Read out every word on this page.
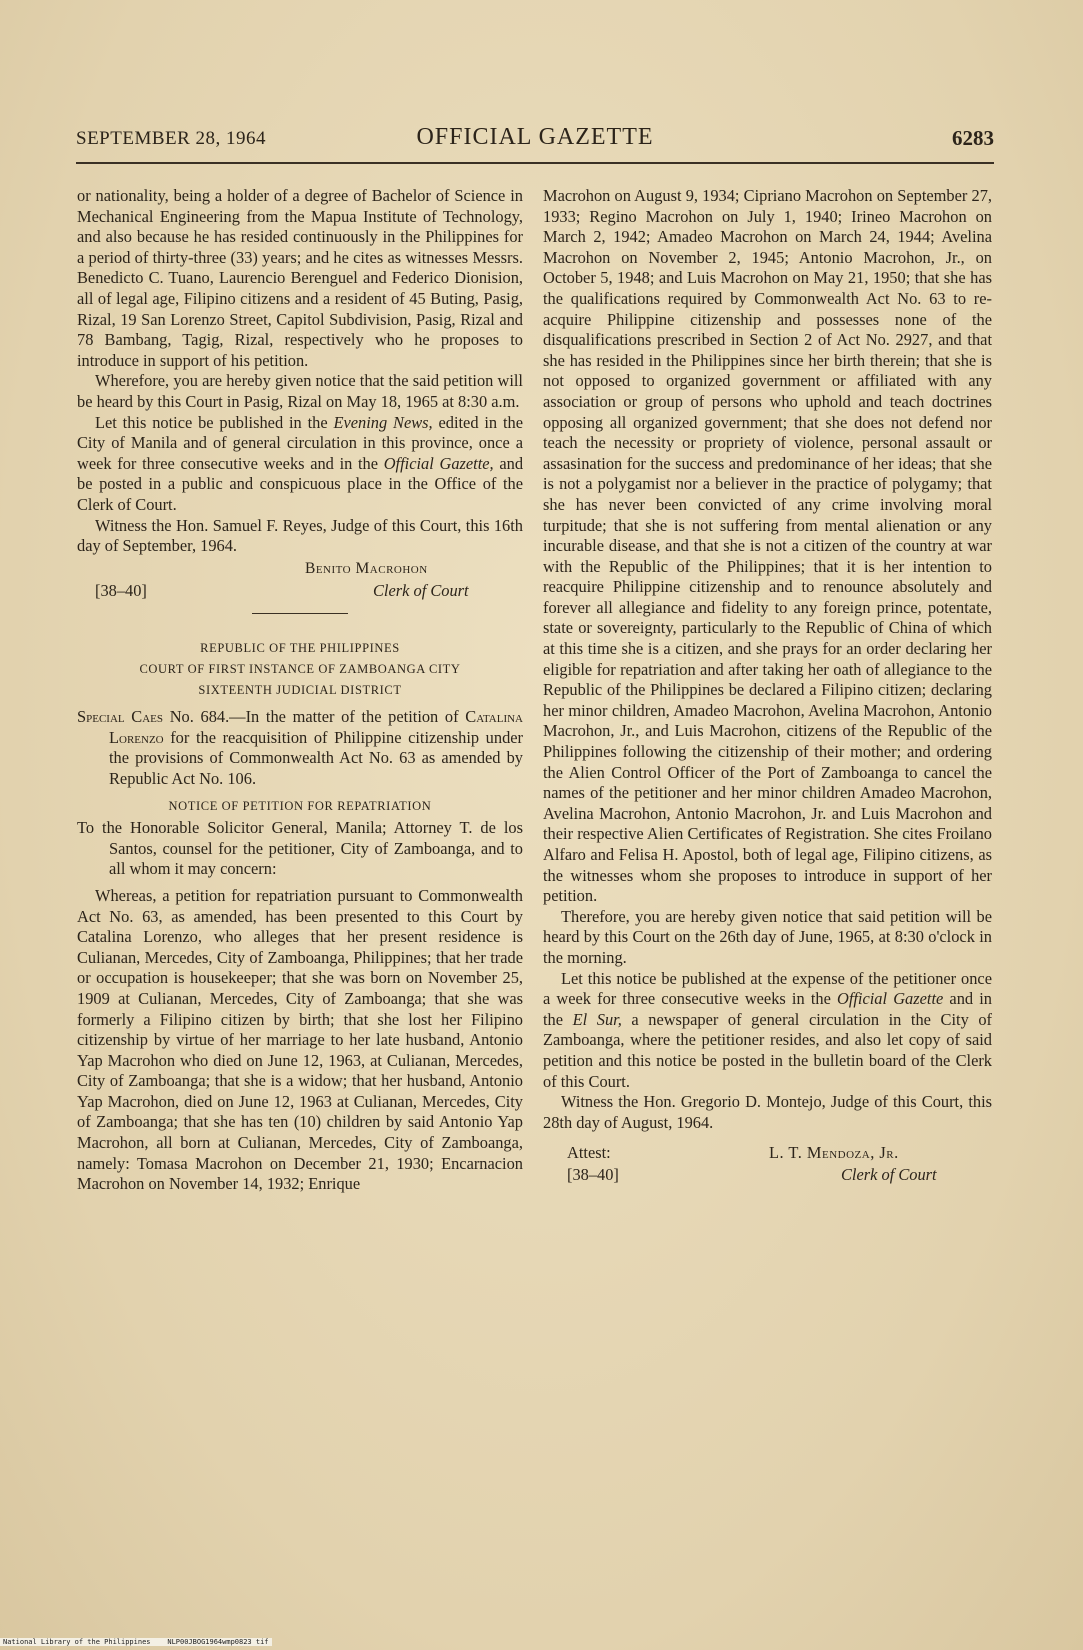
SEPTEMBER 28, 1964	OFFICIAL GAZETTE	6283

or nationality, being a holder of a degree of Bachelor of Science in Mechanical Engineering from the Mapua Institute of Technology, and also because he has resided continuously in the Philippines for a period of thirty-three (33) years; and he cites as witnesses Messrs. Benedicto C. Tuano, Laurencio Berenguel and Federico Dionision, all of legal age, Filipino citizens and a resident of 45 Buting, Pasig, Rizal, 19 San Lorenzo Street, Capitol Subdivision, Pasig, Rizal and 78 Bambang, Tagig, Rizal, respectively who he proposes to introduce in support of his petition.

Wherefore, you are hereby given notice that the said petition will be heard by this Court in Pasig, Rizal on May 18, 1965 at 8:30 a.m.

Let this notice be published in the Evening News, edited in the City of Manila and of general circulation in this province, once a week for three consecutive weeks and in the Official Gazette, and be posted in a public and conspicuous place in the Office of the Clerk of Court.

Witness the Hon. Samuel F. Reyes, Judge of this Court, this 16th day of September, 1964.

Benito Macrohon
[38–40]	Clerk of Court
REPUBLIC OF THE PHILIPPINES
COURT OF FIRST INSTANCE OF ZAMBOANGA CITY
SIXTEENTH JUDICIAL DISTRICT

Special Caes No. 684.—In the matter of the petition of Catalina Lorenzo for the reacquisition of Philippine citizenship under the provisions of Commonwealth Act No. 63 as amended by Republic Act No. 106.

NOTICE OF PETITION FOR REPATRIATION

To the Honorable Solicitor General, Manila; Attorney T. de los Santos, counsel for the petitioner, City of Zamboanga, and to all whom it may concern:

Whereas, a petition for repatriation pursuant to Commonwealth Act No. 63, as amended, has been presented to this Court by Catalina Lorenzo, who alleges that her present residence is Culianan, Mercedes, City of Zamboanga, Philippines; that her trade or occupation is housekeeper; that she was born on November 25, 1909 at Culianan, Mercedes, City of Zamboanga; that she was formerly a Filipino citizen by birth; that she lost her Filipino citizenship by virtue of her marriage to her late husband, Antonio Yap Macrohon who died on June 12, 1963, at Culianan, Mercedes, City of Zamboanga; that she is a widow; that her husband, Antonio Yap Macrohon, died on June 12, 1963 at Culianan, Mercedes, City of Zamboanga; that she has ten (10) children by said Antonio Yap Macrohon, all born at Culianan, Mercedes, City of Zamboanga, namely: Tomasa Macrohon on December 21, 1930; Encarnacion Macrohon on November 14, 1932; Enrique

Macrohon on August 9, 1934; Cipriano Macrohon on September 27, 1933; Regino Macrohon on July 1, 1940; Irineo Macrohon on March 2, 1942; Amadeo Macrohon on March 24, 1944; Avelina Macrohon on November 2, 1945; Antonio Macrohon, Jr., on October 5, 1948; and Luis Macrohon on May 21, 1950; that she has the qualifications required by Commonwealth Act No. 63 to re-acquire Philippine citizenship and possesses none of the disqualifications prescribed in Section 2 of Act No. 2927, and that she has resided in the Philippines since her birth therein; that she is not opposed to organized government or affiliated with any association or group of persons who uphold and teach doctrines opposing all organized government; that she does not defend nor teach the necessity or propriety of violence, personal assault or assasination for the success and predominance of her ideas; that she is not a polygamist nor a believer in the practice of polygamy; that she has never been convicted of any crime involving moral turpitude; that she is not suffering from mental alienation or any incurable disease, and that she is not a citizen of the country at war with the Republic of the Philippines; that it is her intention to reacquire Philippine citizenship and to renounce absolutely and forever all allegiance and fidelity to any foreign prince, potentate, state or sovereignty, particularly to the Republic of China of which at this time she is a citizen, and she prays for an order declaring her eligible for repatriation and after taking her oath of allegiance to the Republic of the Philippines be declared a Filipino citizen; declaring her minor children, Amadeo Macrohon, Avelina Macrohon, Antonio Macrohon, Jr., and Luis Macrohon, citizens of the Republic of the Philippines following the citizenship of their mother; and ordering the Alien Control Officer of the Port of Zamboanga to cancel the names of the petitioner and her minor children Amadeo Macrohon, Avelina Macrohon, Antonio Macrohon, Jr. and Luis Macrohon and their respective Alien Certificates of Registration. She cites Froilano Alfaro and Felisa H. Apostol, both of legal age, Filipino citizens, as the witnesses whom she proposes to introduce in support of her petition.

Therefore, you are hereby given notice that said petition will be heard by this Court on the 26th day of June, 1965, at 8:30 o'clock in the morning.

Let this notice be published at the expense of the petitioner once a week for three consecutive weeks in the Official Gazette and in the El Sur, a newspaper of general circulation in the City of Zamboanga, where the petitioner resides, and also let copy of said petition and this notice be posted in the bulletin board of the Clerk of this Court.

Witness the Hon. Gregorio D. Montejo, Judge of this Court, this 28th day of August, 1964.

Attest:
[38–40]
L. T. Mendoza, Jr.
Clerk of Court
National Library of the Philippines    NLP00JBOG1964wmp0823 tif
